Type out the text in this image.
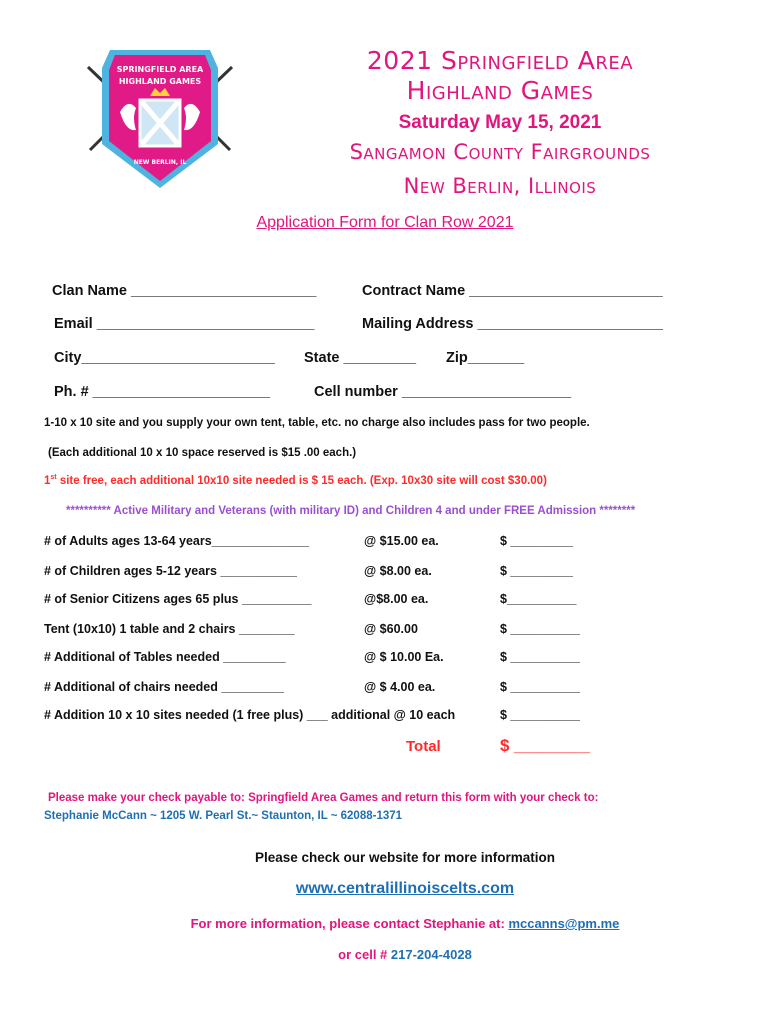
SPRINGFIELD AREA
HIGHLAND GAMES
NEW BERLIN, IL
2021 Springfield Area
Highland Games
Saturday May 15, 2021
Sangamon County Fairgrounds
New Berlin, Illinois
Application Form for Clan Row 2021
Clan Name _______________________	Contract Name ________________________
Email ___________________________	Mailing Address _______________________
City________________________ State _________ Zip_______
Ph. # ______________________	Cell number _____________________
1-10 x 10 site and you supply your own tent, table, etc. no charge also includes pass for two people.
(Each additional 10 x 10 space reserved is $15 .00 each.)
1st site free, each additional 10x10 site needed is $ 15 each. (Exp. 10x30 site will cost $30.00)
********** Active Military and Veterans (with military ID) and Children 4 and under FREE Admission ********
# of Adults ages 13-64 years______________	@ $15.00 ea.	$ _________
# of Children ages 5-12 years ___________	@ $8.00 ea.	$ _________
# of Senior Citizens ages 65 plus __________	@$8.00 ea.	$__________
Tent (10x10) 1 table and 2 chairs ________	@ $60.00	$ __________
# Additional of Tables needed _________	@ $ 10.00 Ea.	$ __________
# Additional of chairs needed _________	@ $ 4.00 ea.	$ __________
# Addition 10 x 10 sites needed (1 free plus) ___ additional @ 10 each	$ __________
Total	$ ________
Please make your check payable to: Springfield Area Games and return this form with your check to:
Stephanie McCann ~ 1205 W. Pearl St.~ Staunton, IL ~ 62088-1371
Please check our website for more information
www.centralillinoiscelts.com
For more information, please contact Stephanie at: mccanns@pm.me
or cell # 217-204-4028
